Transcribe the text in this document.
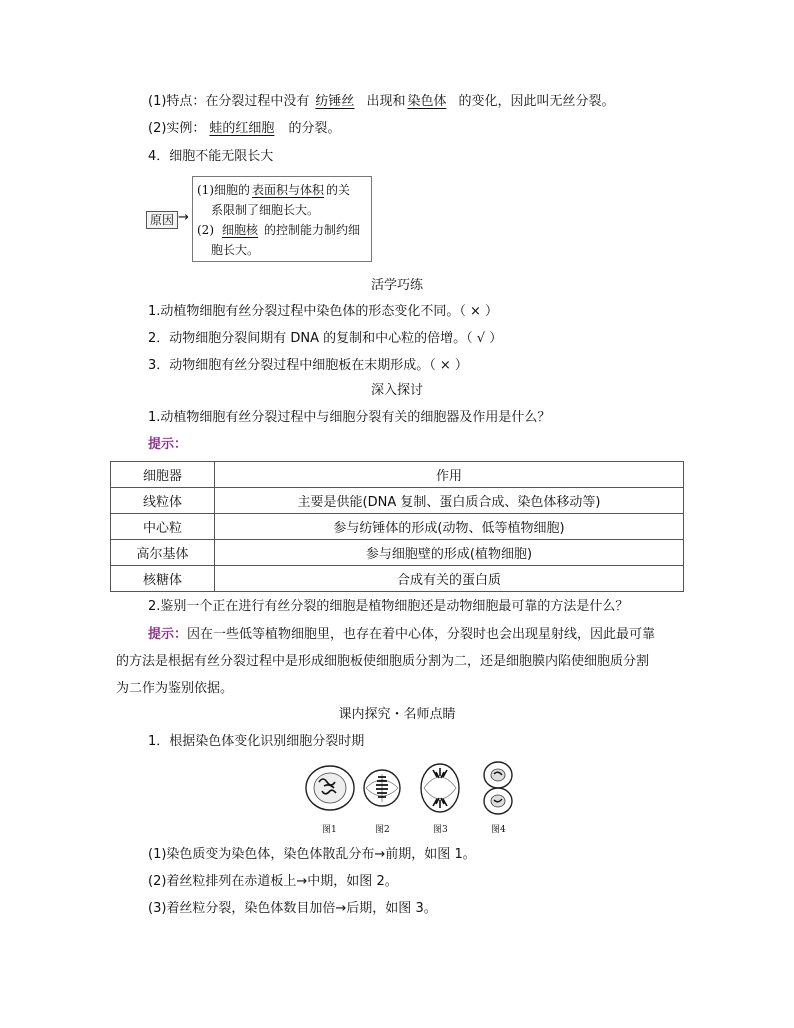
(1)特点：在分裂过程中没有 纺锤丝 出现和 染色体 的变化，因此叫无丝分裂。
(2)实例： 蛙的红细胞 的分裂。
4．细胞不能无限长大
原因 →
(1)细胞的 表面积与体积 的关
系限制了细胞长大。
(2) 细胞核 的控制能力制约细
胞长大。
活学巧练
1.动植物细胞有丝分裂过程中染色体的形态变化不同。（ × ）
2．动物细胞分裂间期有 DNA 的复制和中心粒的倍增。（ √ ）
3．动物细胞有丝分裂过程中细胞板在末期形成。（ × ）
深入探讨
1.动植物细胞有丝分裂过程中与细胞分裂有关的细胞器及作用是什么？
提示：
细胞器	作用
线粒体	主要是供能(DNA 复制、蛋白质合成、染色体移动等)
中心粒	参与纺锤体的形成(动物、低等植物细胞)
高尔基体	参与细胞壁的形成(植物细胞)
核糖体	合成有关的蛋白质
2.鉴别一个正在进行有丝分裂的细胞是植物细胞还是动物细胞最可靠的方法是什么？
提示：因在一些低等植物细胞里，也存在着中心体，分裂时也会出现星射线，因此最可靠
的方法是根据有丝分裂过程中是形成细胞板使细胞质分割为二，还是细胞膜内陷使细胞质分割
为二作为鉴别依据。
课内探究・名师点睛
1．根据染色体变化识别细胞分裂时期
图1	图2	图3	图4
(1)染色质变为染色体，染色体散乱分布→前期，如图 1。
(2)着丝粒排列在赤道板上→中期，如图 2。
(3)着丝粒分裂，染色体数目加倍→后期，如图 3。
